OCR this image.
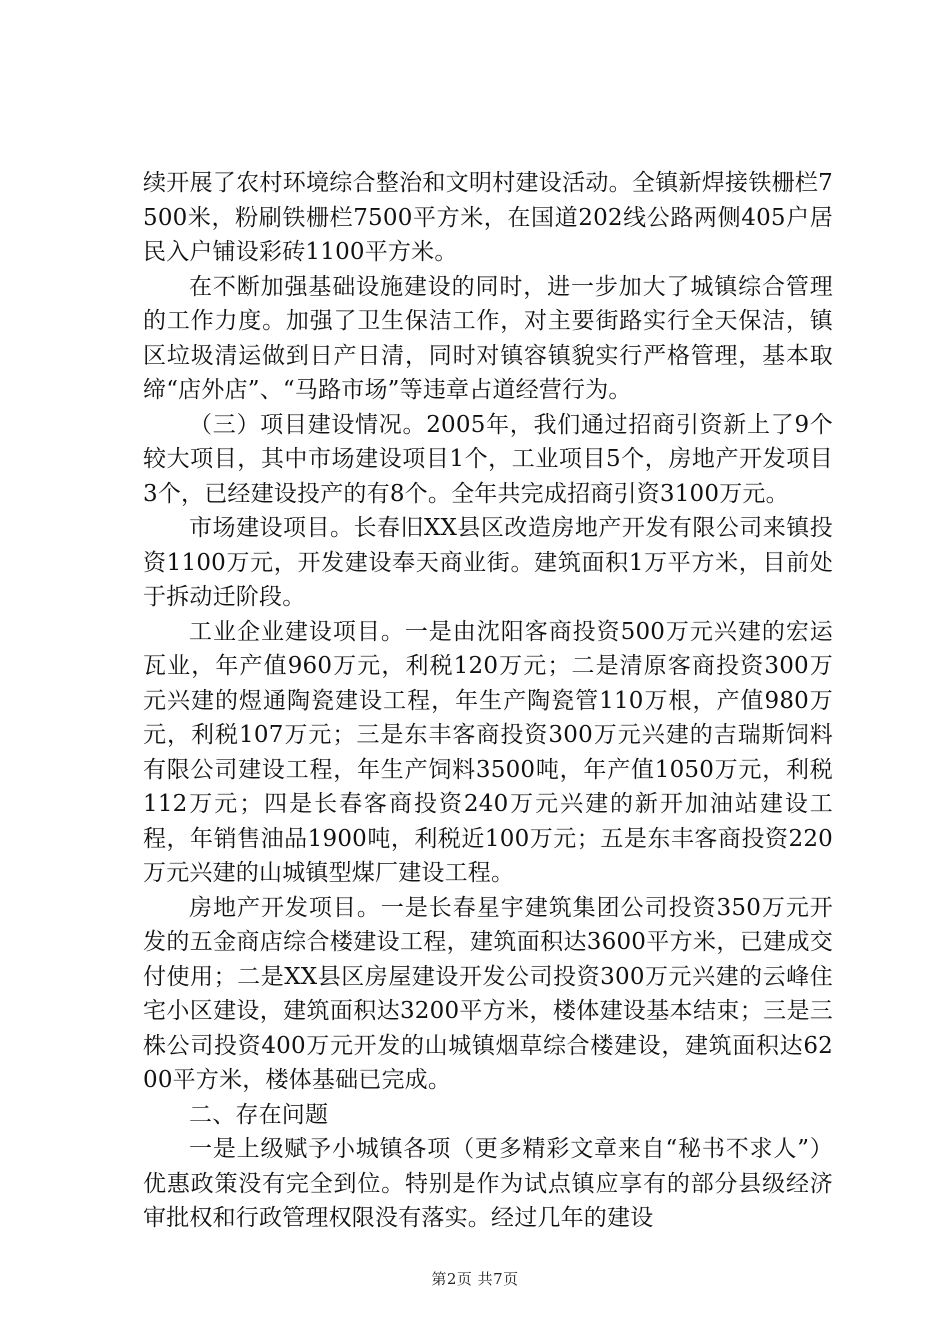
续开展了农村环境综合整治和文明村建设活动。全镇新焊接铁栅栏7500米，粉刷铁栅栏7500平方米，在国道202线公路两侧405户居民入户铺设彩砖1100平方米。

在不断加强基础设施建设的同时，进一步加大了城镇综合管理的工作力度。加强了卫生保洁工作，对主要街路实行全天保洁，镇区垃圾清运做到日产日清，同时对镇容镇貌实行严格管理，基本取缔“店外店”、“马路市场”等违章占道经营行为。

（三）项目建设情况。2005年，我们通过招商引资新上了9个较大项目，其中市场建设项目1个，工业项目5个，房地产开发项目3个，已经建设投产的有8个。全年共完成招商引资3100万元。

市场建设项目。长春旧XX县区改造房地产开发有限公司来镇投资1100万元，开发建设奉天商业街。建筑面积1万平方米，目前处于拆动迁阶段。

工业企业建设项目。一是由沈阳客商投资500万元兴建的宏运瓦业，年产值960万元，利税120万元；二是清原客商投资300万元兴建的煜通陶瓷建设工程，年生产陶瓷管110万根，产值980万元，利税107万元；三是东丰客商投资300万元兴建的吉瑞斯饲料有限公司建设工程，年生产饲料3500吨，年产值1050万元，利税112万元；四是长春客商投资240万元兴建的新开加油站建设工程，年销售油品1900吨，利税近100万元；五是东丰客商投资220万元兴建的山城镇型煤厂建设工程。

房地产开发项目。一是长春星宇建筑集团公司投资350万元开发的五金商店综合楼建设工程，建筑面积达3600平方米，已建成交付使用；二是XX县区房屋建设开发公司投资300万元兴建的云峰住宅小区建设，建筑面积达3200平方米，楼体建设基本结束；三是三株公司投资400万元开发的山城镇烟草综合楼建设，建筑面积达6200平方米，楼体基础已完成。

二、存在问题

一是上级赋予小城镇各项（更多精彩文章来自“秘书不求人”）优惠政策没有完全到位。特别是作为试点镇应享有的部分县级经济审批权和行政管理权限没有落实。经过几年的建设

第2页 共7页
